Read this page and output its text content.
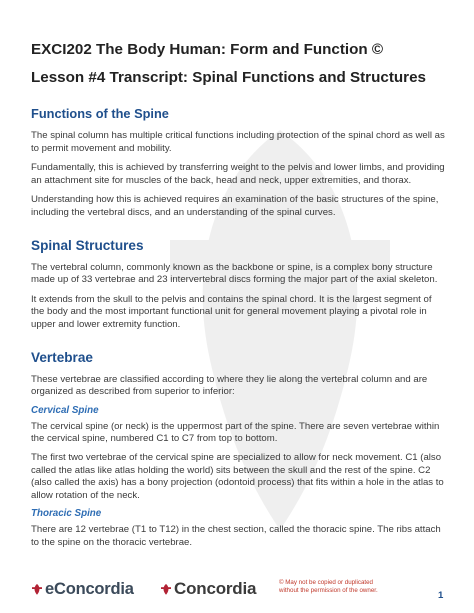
EXCI202 The Body Human: Form and Function ©
Lesson #4 Transcript: Spinal Functions and Structures
Functions of the Spine

The spinal column has multiple critical functions including protection of the spinal chord as well as to permit movement and mobility.

Fundamentally, this is achieved by transferring weight to the pelvis and lower limbs, and providing an attachment site for muscles of the back, head and neck, upper extremities, and thorax.

Understanding how this is achieved requires an examination of the basic structures of the spine, including the vertebral discs, and an understanding of the spinal curves.

Spinal Structures

The vertebral column, commonly known as the backbone or spine, is a complex bony structure made up of 33 vertebrae and 23 intervertebral discs forming the major part of the axial skeleton.

It extends from the skull to the pelvis and contains the spinal chord. It is the largest segment of the body and the most important functional unit for general movement playing a pivotal role in upper and lower extremity function.

Vertebrae

These vertebrae are classified according to where they lie along the vertebral column and are organized as described from superior to inferior:

Cervical Spine

The cervical spine (or neck) is the uppermost part of the spine. There are seven vertebrae within the cervical spine, numbered C1 to C7 from top to bottom.

The first two vertebrae of the cervical spine are specialized to allow for neck movement. C1 (also called the atlas like atlas holding the world) sits between the skull and the rest of the spine. C2 (also called the axis) has a bony projection (odontoid process) that fits within a hole in the atlas to allow rotation of the neck.

Thoracic Spine

There are 12 vertebrae (T1 to T12) in the chest section, called the thoracic spine. The ribs attach to the spine on the thoracic vertebrae.

eConcordia Concordia	© May not be copied or duplicated
without the permission of the owner.	1
